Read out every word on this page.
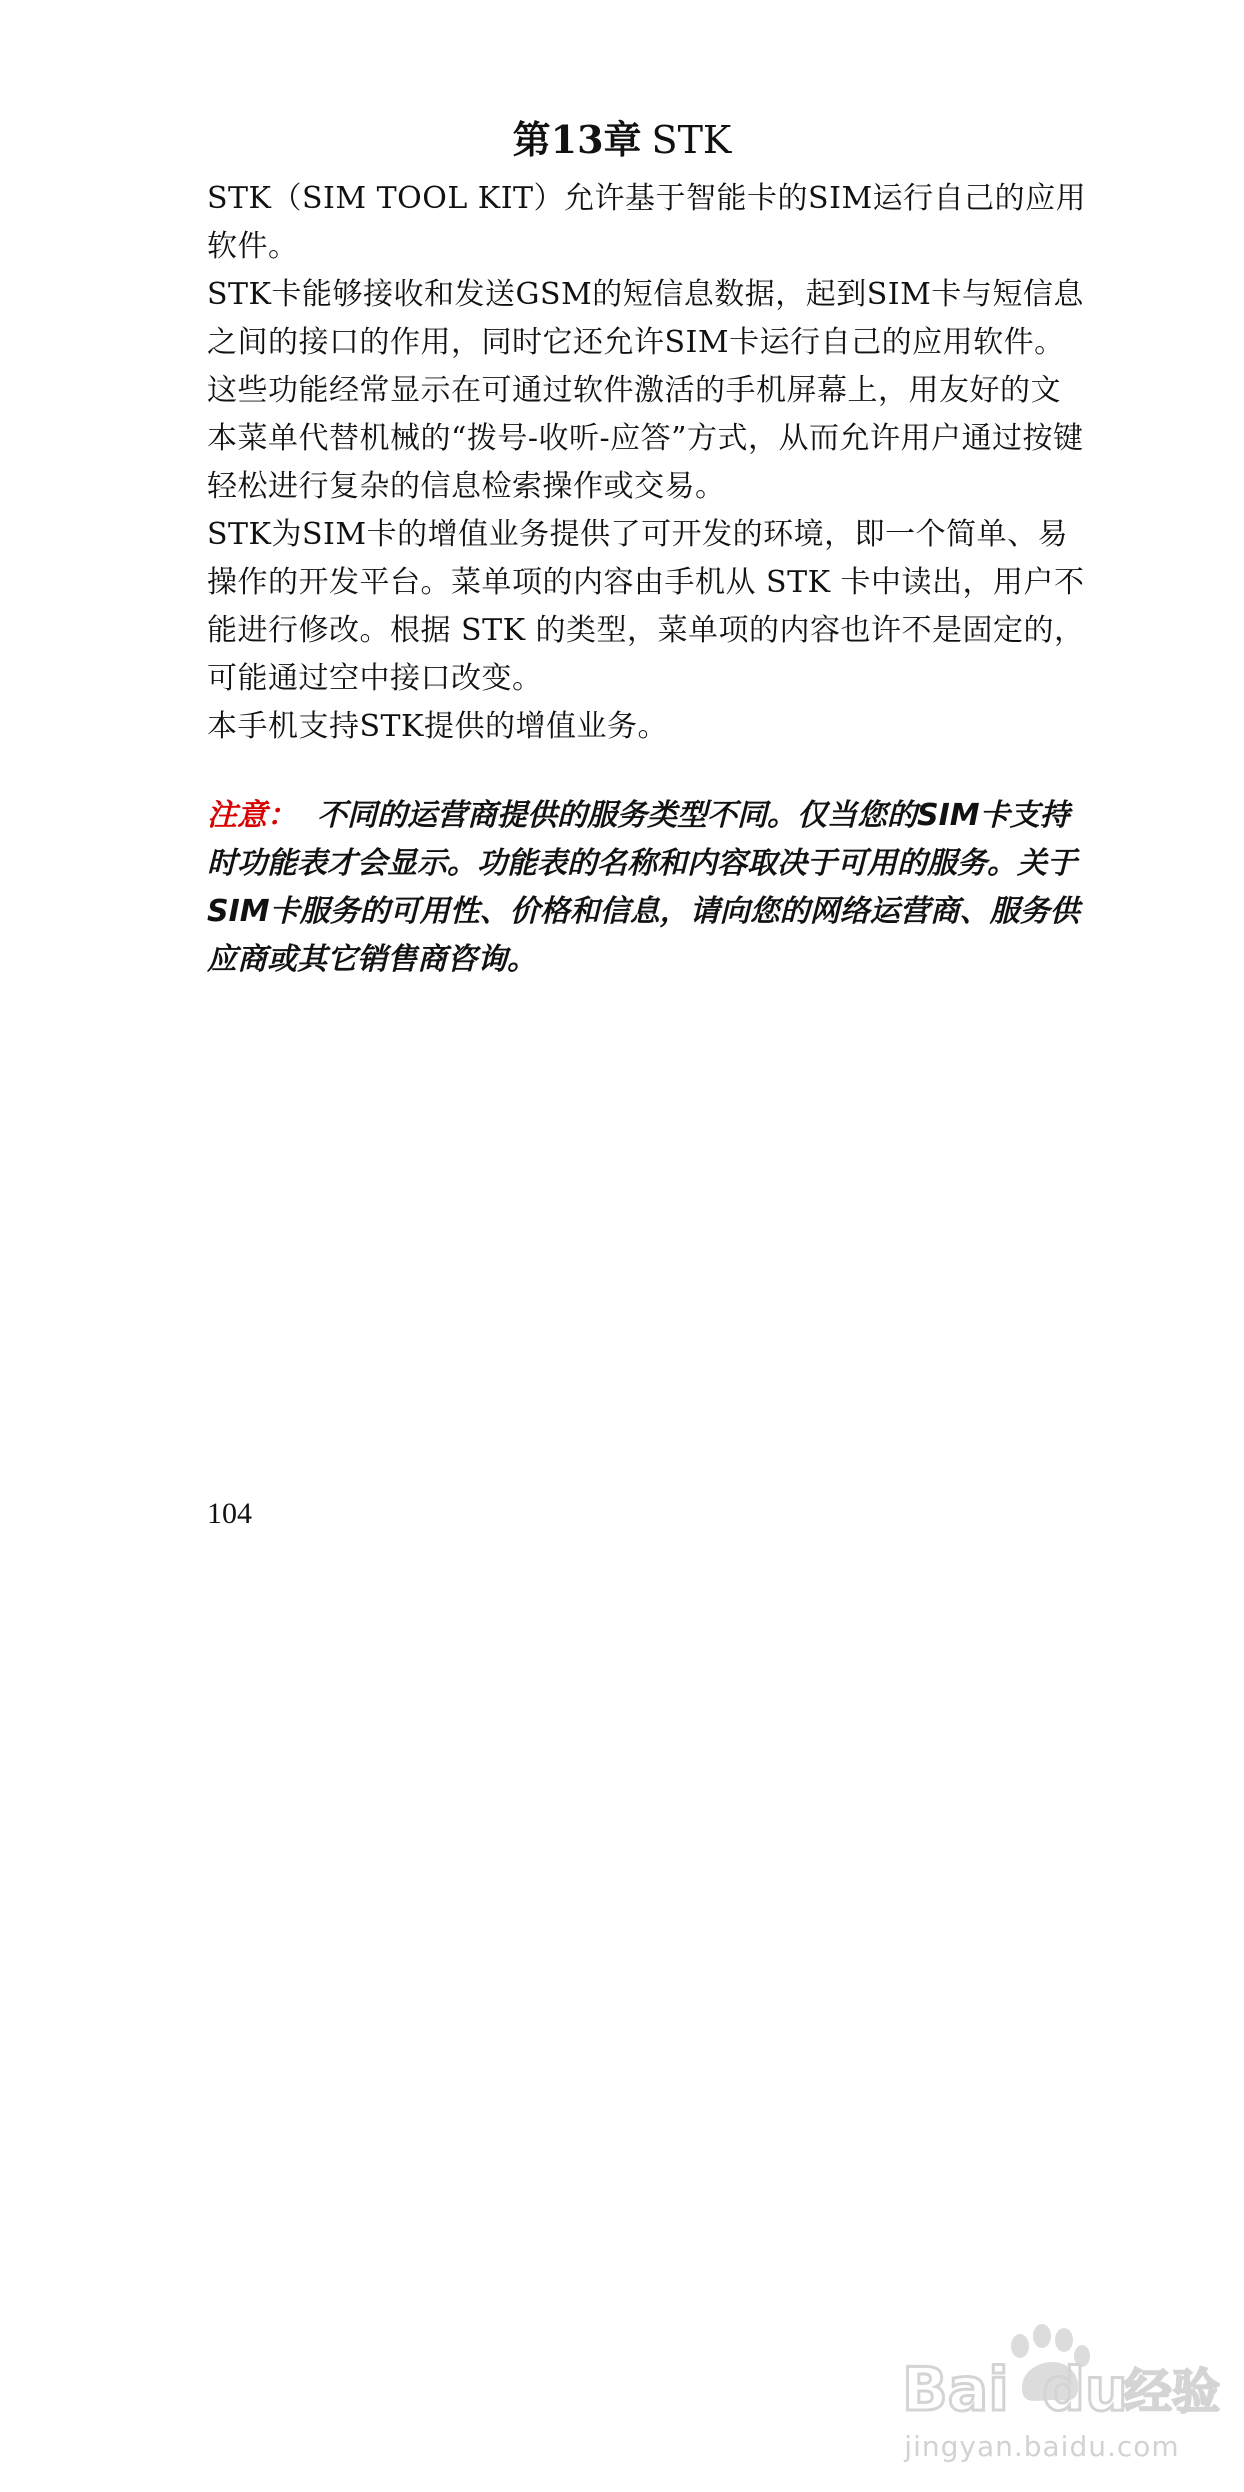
第13章 STK

STK（SIM TOOL KIT）允许基于智能卡的SIM运行自己的应用软件。

STK卡能够接收和发送GSM的短信息数据，起到SIM卡与短信息之间的接口的作用，同时它还允许SIM卡运行自己的应用软件。这些功能经常显示在可通过软件激活的手机屏幕上，用友好的文本菜单代替机械的“拨号-收听-应答”方式，从而允许用户通过按键轻松进行复杂的信息检索操作或交易。

STK为SIM卡的增值业务提供了可开发的环境，即一个简单、易操作的开发平台。菜单项的内容由手机从 STK 卡中读出，用户不能进行修改。根据 STK 的类型，菜单项的内容也许不是固定的，可能通过空中接口改变。

本手机支持STK提供的增值业务。

注意： 不同的运营商提供的服务类型不同。仅当您的SIM卡支持时功能表才会显示。功能表的名称和内容取决于可用的服务。关于SIM卡服务的可用性、价格和信息，请向您的网络运营商、服务供应商或其它销售商咨询。
104
Bai du
经验
jingyan.baidu.com
